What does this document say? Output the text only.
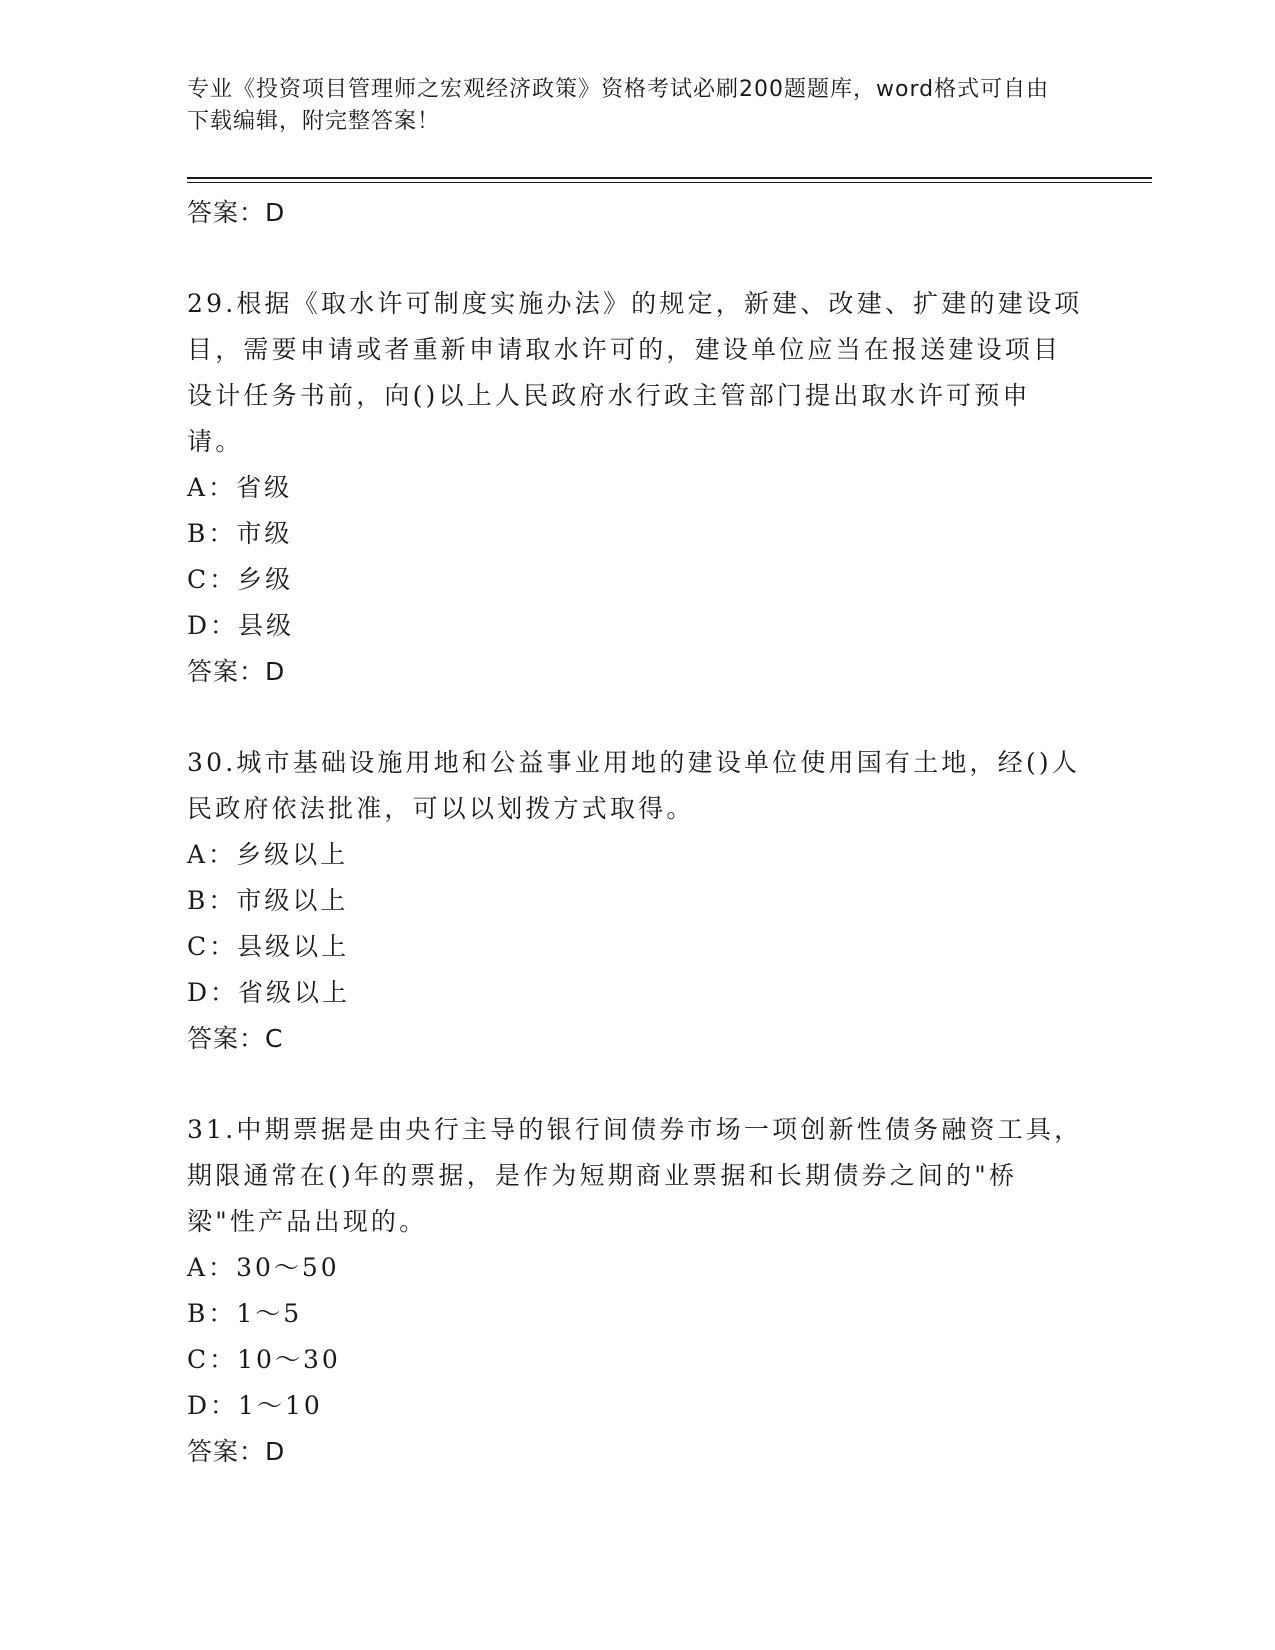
专业《投资项目管理师之宏观经济政策》资格考试必刷200题题库，word格式可自由下载编辑，附完整答案！
答案：D

29.根据《取水许可制度实施办法》的规定，新建、改建、扩建的建设项目，需要申请或者重新申请取水许可的，建设单位应当在报送建设项目设计任务书前，向()以上人民政府水行政主管部门提出取水许可预申请。

A：省级
B：市级
C：乡级
D：县级
答案：D

30.城市基础设施用地和公益事业用地的建设单位使用国有土地，经()人民政府依法批准，可以以划拨方式取得。

A：乡级以上
B：市级以上
C：县级以上
D：省级以上
答案：C

31.中期票据是由央行主导的银行间债券市场一项创新性债务融资工具，期限通常在()年的票据，是作为短期商业票据和长期债券之间的"桥梁"性产品出现的。

A：30～50
B：1～5
C：10～30
D：1～10
答案：D
